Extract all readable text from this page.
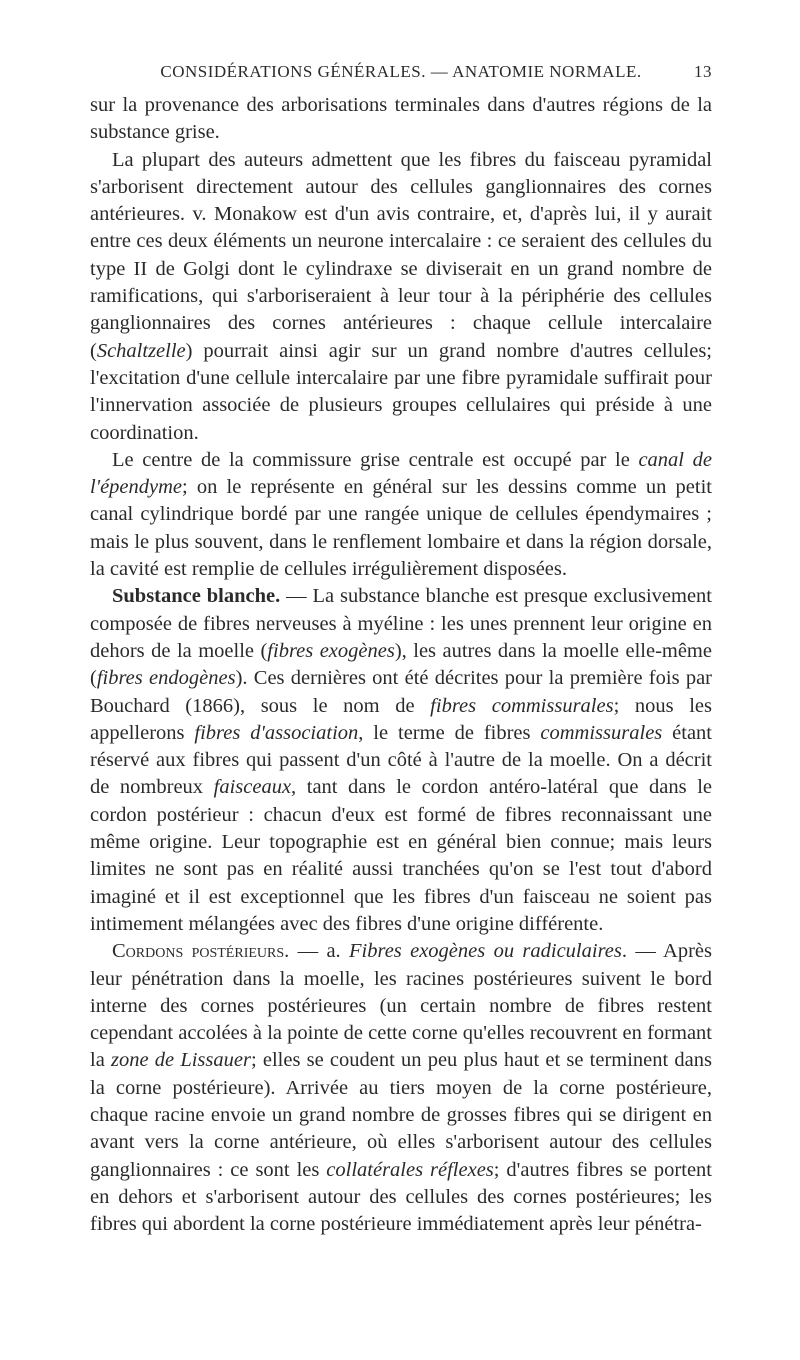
CONSIDÉRATIONS GÉNÉRALES. — ANATOMIE NORMALE.	13

sur la provenance des arborisations terminales dans d'autres régions de la substance grise.

La plupart des auteurs admettent que les fibres du faisceau pyramidal s'arborisent directement autour des cellules ganglionnaires des cornes antérieures. v. Monakow est d'un avis contraire, et, d'après lui, il y aurait entre ces deux éléments un neurone intercalaire : ce seraient des cellules du type II de Golgi dont le cylindraxe se diviserait en un grand nombre de ramifications, qui s'arboriseraient à leur tour à la périphérie des cellules ganglionnaires des cornes antérieures : chaque cellule intercalaire (Schaltzelle) pourrait ainsi agir sur un grand nombre d'autres cellules; l'excitation d'une cellule intercalaire par une fibre pyramidale suffirait pour l'innervation associée de plusieurs groupes cellulaires qui préside à une coordination.

Le centre de la commissure grise centrale est occupé par le canal de l'épendyme; on le représente en général sur les dessins comme un petit canal cylindrique bordé par une rangée unique de cellules épendymaires ; mais le plus souvent, dans le renflement lombaire et dans la région dorsale, la cavité est remplie de cellules irrégulièrement disposées.

Substance blanche. — La substance blanche est presque exclusivement composée de fibres nerveuses à myéline : les unes prennent leur origine en dehors de la moelle (fibres exogènes), les autres dans la moelle elle-même (fibres endogènes). Ces dernières ont été décrites pour la première fois par Bouchard (1866), sous le nom de fibres commissurales; nous les appellerons fibres d'association, le terme de fibres commissurales étant réservé aux fibres qui passent d'un côté à l'autre de la moelle. On a décrit de nombreux faisceaux, tant dans le cordon antéro-latéral que dans le cordon postérieur : chacun d'eux est formé de fibres reconnaissant une même origine. Leur topographie est en général bien connue; mais leurs limites ne sont pas en réalité aussi tranchées qu'on se l'est tout d'abord imaginé et il est exceptionnel que les fibres d'un faisceau ne soient pas intimement mélangées avec des fibres d'une origine différente.

Cordons postérieurs. — a. Fibres exogènes ou radiculaires. — Après leur pénétration dans la moelle, les racines postérieures suivent le bord interne des cornes postérieures (un certain nombre de fibres restent cependant accolées à la pointe de cette corne qu'elles recouvrent en formant la zone de Lissauer; elles se coudent un peu plus haut et se terminent dans la corne postérieure). Arrivée au tiers moyen de la corne postérieure, chaque racine envoie un grand nombre de grosses fibres qui se dirigent en avant vers la corne antérieure, où elles s'arborisent autour des cellules ganglionnaires : ce sont les collatérales réflexes; d'autres fibres se portent en dehors et s'arborisent autour des cellules des cornes postérieures; les fibres qui abordent la corne postérieure immédiatement après leur pénétra-
